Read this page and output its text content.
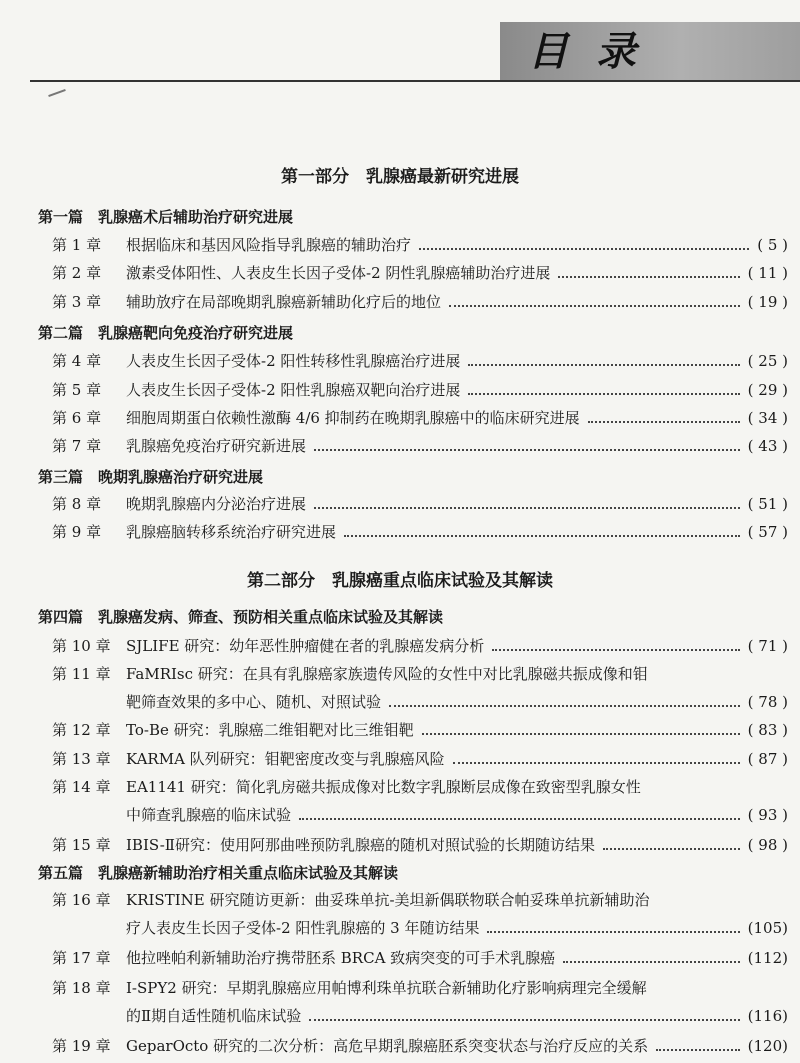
目录
第一部分　乳腺癌最新研究进展
第二部分　乳腺癌重点临床试验及其解读
第一篇　乳腺癌术后辅助治疗研究进展
第二篇　乳腺癌靶向免疫治疗研究进展
第三篇　晚期乳腺癌治疗研究进展
第四篇　乳腺癌发病、筛查、预防相关重点临床试验及其解读
第五篇　乳腺癌新辅助治疗相关重点临床试验及其解读
第 1 章 根据临床和基因风险指导乳腺癌的辅助治疗	( 5 )
第 2 章 激素受体阳性、人表皮生长因子受体-2 阴性乳腺癌辅助治疗进展	( 11 )
第 3 章 辅助放疗在局部晚期乳腺癌新辅助化疗后的地位	( 19 )
第 4 章 人表皮生长因子受体-2 阳性转移性乳腺癌治疗进展	( 25 )
第 5 章 人表皮生长因子受体-2 阳性乳腺癌双靶向治疗进展	( 29 )
第 6 章 细胞周期蛋白依赖性激酶 4/6 抑制药在晚期乳腺癌中的临床研究进展	( 34 )
第 7 章 乳腺癌免疫治疗研究新进展	( 43 )
第 8 章 晚期乳腺癌内分泌治疗进展	( 51 )
第 9 章 乳腺癌脑转移系统治疗研究进展	( 57 )
第 10 章 SJLIFE 研究：幼年恶性肿瘤健在者的乳腺癌发病分析	( 71 )
第 11 章 FaMRIsc 研究：在具有乳腺癌家族遗传风险的女性中对比乳腺磁共振成像和钼
靶筛查效果的多中心、随机、对照试验	( 78 )
第 12 章 To-Be 研究：乳腺癌二维钼靶对比三维钼靶	( 83 )
第 13 章 KARMA 队列研究：钼靶密度改变与乳腺癌风险	( 87 )
第 14 章 EA1141 研究：简化乳房磁共振成像对比数字乳腺断层成像在致密型乳腺女性
中筛查乳腺癌的临床试验	( 93 )
第 15 章 IBIS-Ⅱ研究：使用阿那曲唑预防乳腺癌的随机对照试验的长期随访结果	( 98 )
第 16 章 KRISTINE 研究随访更新：曲妥珠单抗-美坦新偶联物联合帕妥珠单抗新辅助治
疗人表皮生长因子受体-2 阳性乳腺癌的 3 年随访结果	(105)
第 17 章 他拉唑帕利新辅助治疗携带胚系 BRCA 致病突变的可手术乳腺癌	(112)
第 18 章 I-SPY2 研究：早期乳腺癌应用帕博利珠单抗联合新辅助化疗影响病理完全缓解
的Ⅱ期自适性随机临床试验	(116)
第 19 章 GeparOcto 研究的二次分析：高危早期乳腺癌胚系突变状态与治疗反应的关系	(120)
